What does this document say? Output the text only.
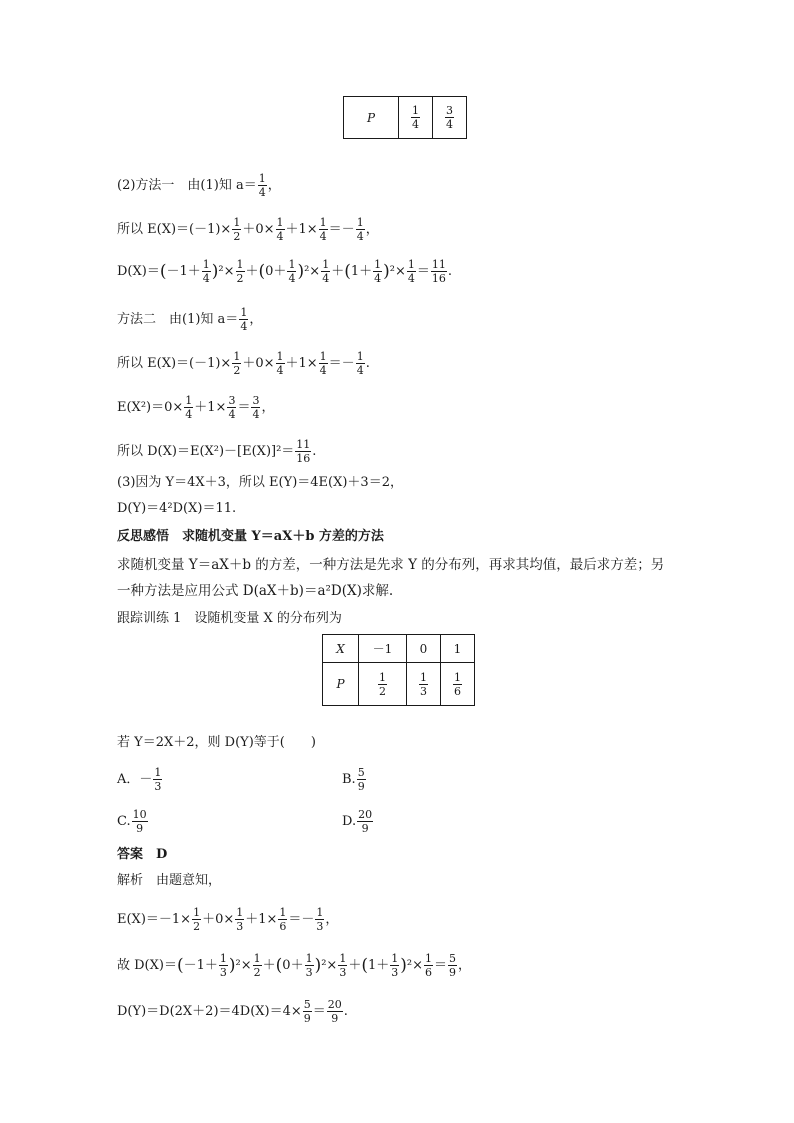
P	$\frac{1}{4}$	$\frac{3}{4}$
(2)方法一　由(1)知 $a= \frac{1}{4}$ ，
所以 $E(X)=(-1)\times \frac{1}{2} +0\times \frac{1}{4} +1\times \frac{1}{4} =- \frac{1}{4}$ ，
$D(X)=(-1+ \frac{1}{4} )^2\times \frac{1}{2} +(0+ \frac{1}{4} )^2\times \frac{1}{4} +(1+ \frac{1}{4} )^2\times \frac{1}{4} = \frac{11}{16}$ .
方法二　由(1)知 $a= \frac{1}{4}$ ，
所以 $E(X)=(-1)\times \frac{1}{2} +0\times \frac{1}{4} +1\times \frac{1}{4} =- \frac{1}{4}$ .
$E(X^2)=0\times \frac{1}{4} +1\times \frac{3}{4} = \frac{3}{4}$ ，
所以 $D(X)=E(X^2)-[E(X)]^2= \frac{11}{16}$ .
(3)因为 Y＝4X＋3，所以 E(Y)＝4E(X)＋3＝2，
D(Y)＝4²D(X)＝11.
反思感悟　求随机变量 Y＝aX＋b 方差的方法
求随机变量 Y＝aX＋b 的方差，一种方法是先求 Y 的分布列，再求其均值，最后求方差；另
一种方法是应用公式 D(aX＋b)＝a²D(X)求解.
跟踪训练 1　设随机变量 X 的分布列为
X	－1	0	1
P	$\frac{1}{2}$	$\frac{1}{3}$	$\frac{1}{6}$
若 Y＝2X＋2，则 D(Y)等于(　　)
A．－ $\frac{1}{3}$	B. $\frac{5}{9}$
C. $\frac{10}{9}$	D. $\frac{20}{9}$
答案　D
解析　由题意知，
$E(X)=-1\times \frac{1}{2} +0\times \frac{1}{3} +1\times \frac{1}{6} =- \frac{1}{3}$ ，
故 $D(X)=(-1+ \frac{1}{3} )^2\times \frac{1}{2} +(0+ \frac{1}{3} )^2\times \frac{1}{3} +(1+ \frac{1}{3} )^2\times \frac{1}{6} = \frac{5}{9}$ ，
$D(Y)=D(2X+2)=4D(X)=4\times \frac{5}{9} = \frac{20}{9}$ .
